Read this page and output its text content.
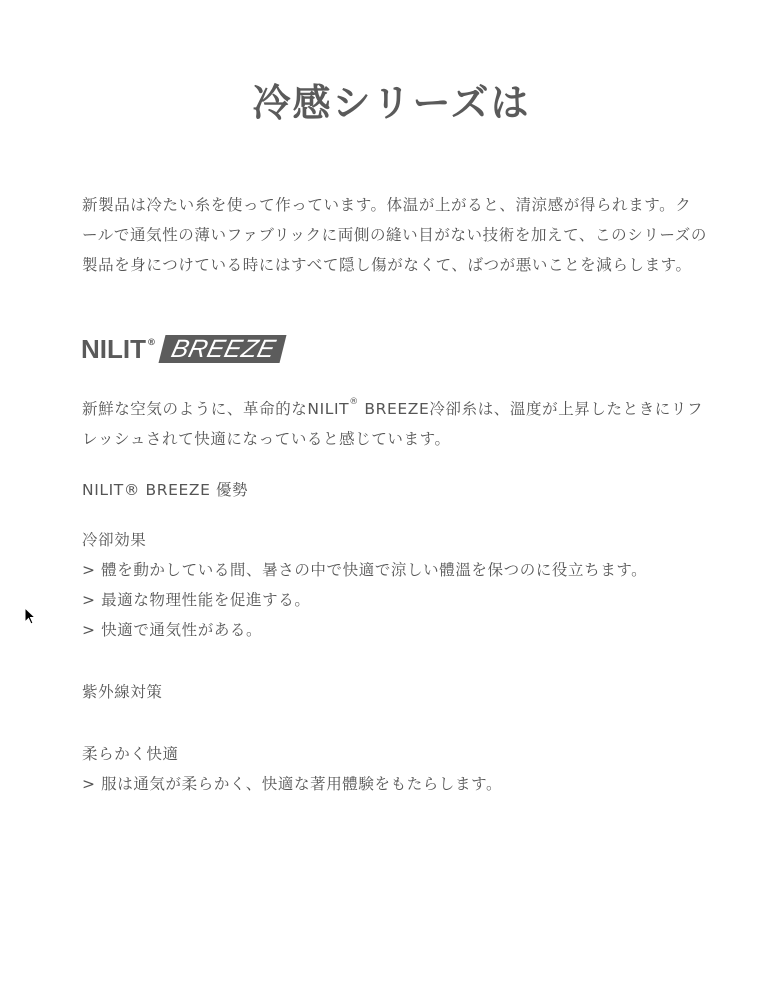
冷感シリーズは

新製品は冷たい糸を使って作っています。体温が上がると、清涼感が得られます。クールで通気性の薄いファブリックに両側の縫い目がない技術を加えて、このシリーズの製品を身につけている時にはすべて隠し傷がなくて、ばつが悪いことを減らします。

NILIT ® BREEZE

新鮮な空気のように、革命的なNILIT® BREEZE冷卻糸は、溫度が上昇したときにリフレッシュされて快適になっていると感じています。

NILIT® BREEZE 優勢

冷卻効果

> 體を動かしている間、暑さの中で快適で涼しい體溫を保つのに役立ちます。

> 最適な物理性能を促進する。

> 快適で通気性がある。

紫外線対策

柔らかく快適

> 服は通気が柔らかく、快適な著用體験をもたらします。
